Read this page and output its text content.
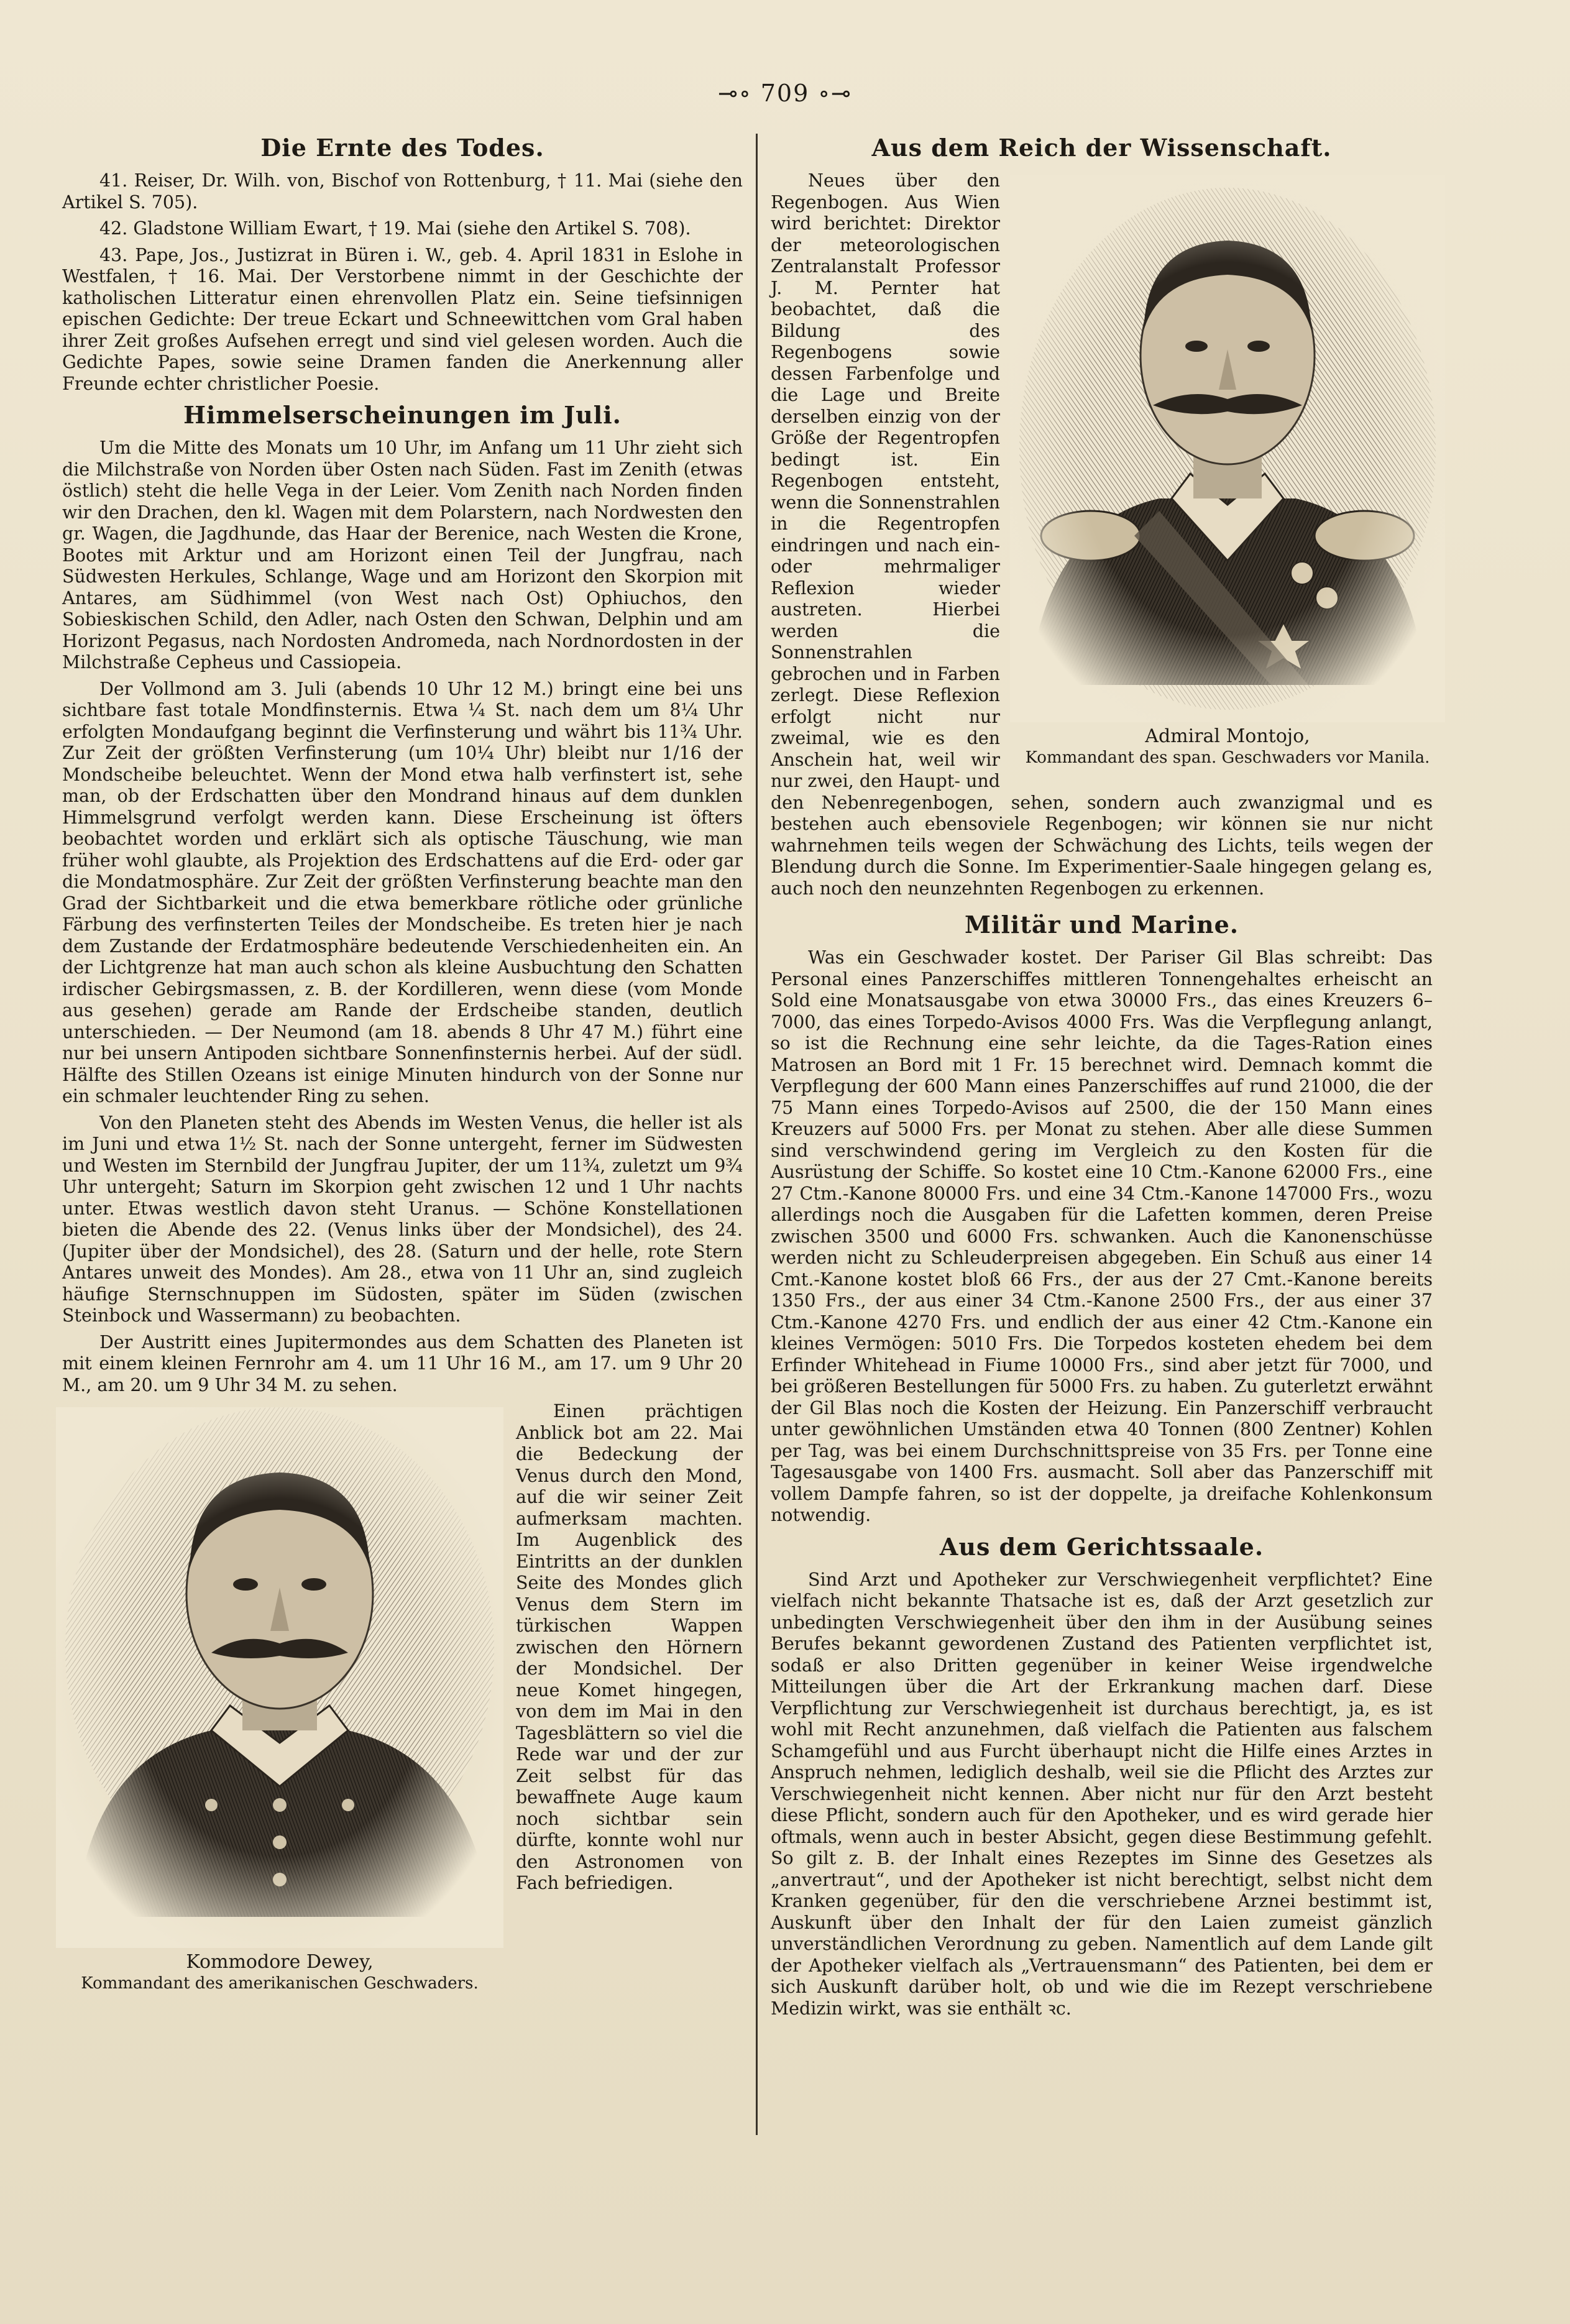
⊸∘ 709 ∘⊸
Die Ernte des Todes.

41. Reiser, Dr. Wilh. von, Bischof von Rottenburg, † 11. Mai (siehe den Artikel S. 705).

42. Gladstone William Ewart, † 19. Mai (siehe den Artikel S. 708).

43. Pape, Jos., Justizrat in Büren i. W., geb. 4. April 1831 in Eslohe in Westfalen, † 16. Mai. Der Verstorbene nimmt in der Geschichte der katholischen Litteratur einen ehrenvollen Platz ein. Seine tiefsinnigen epischen Gedichte: Der treue Eckart und Schneewittchen vom Gral haben ihrer Zeit großes Aufsehen erregt und sind viel gelesen worden. Auch die Gedichte Papes, sowie seine Dramen fanden die Anerkennung aller Freunde echter christlicher Poesie.

Himmelserscheinungen im Juli.

Um die Mitte des Monats um 10 Uhr, im Anfang um 11 Uhr zieht sich die Milchstraße von Norden über Osten nach Süden. Fast im Zenith (etwas östlich) steht die helle Vega in der Leier. Vom Zenith nach Norden finden wir den Drachen, den kl. Wagen mit dem Polarstern, nach Nordwesten den gr. Wagen, die Jagdhunde, das Haar der Berenice, nach Westen die Krone, Bootes mit Arktur und am Horizont einen Teil der Jungfrau, nach Südwesten Herkules, Schlange, Wage und am Horizont den Skorpion mit Antares, am Südhimmel (von West nach Ost) Ophiuchos, den Sobieskischen Schild, den Adler, nach Osten den Schwan, Delphin und am Horizont Pegasus, nach Nordosten Andromeda, nach Nordnordosten in der Milchstraße Cepheus und Cassiopeia.

Der Vollmond am 3. Juli (abends 10 Uhr 12 M.) bringt eine bei uns sichtbare fast totale Mondfinsternis. Etwa ¼ St. nach dem um 8¼ Uhr erfolgten Mondaufgang beginnt die Verfinsterung und währt bis 11¾ Uhr. Zur Zeit der größten Verfinsterung (um 10¼ Uhr) bleibt nur 1/16 der Mondscheibe beleuchtet. Wenn der Mond etwa halb verfinstert ist, sehe man, ob der Erdschatten über den Mondrand hinaus auf dem dunklen Himmelsgrund verfolgt werden kann. Diese Erscheinung ist öfters beobachtet worden und erklärt sich als optische Täuschung, wie man früher wohl glaubte, als Projektion des Erdschattens auf die Erd- oder gar die Mondatmosphäre. Zur Zeit der größten Verfinsterung beachte man den Grad der Sichtbarkeit und die etwa bemerkbare rötliche oder grünliche Färbung des verfinsterten Teiles der Mondscheibe. Es treten hier je nach dem Zustande der Erdatmosphäre bedeutende Verschiedenheiten ein. An der Lichtgrenze hat man auch schon als kleine Ausbuchtung den Schatten irdischer Gebirgsmassen, z. B. der Kordilleren, wenn diese (vom Monde aus gesehen) gerade am Rande der Erdscheibe standen, deutlich unterschieden. — Der Neumond (am 18. abends 8 Uhr 47 M.) führt eine nur bei unsern Antipoden sichtbare Sonnenfinsternis herbei. Auf der südl. Hälfte des Stillen Ozeans ist einige Minuten hindurch von der Sonne nur ein schmaler leuchtender Ring zu sehen.

Von den Planeten steht des Abends im Westen Venus, die heller ist als im Juni und etwa 1½ St. nach der Sonne untergeht, ferner im Südwesten und Westen im Sternbild der Jungfrau Jupiter, der um 11¾, zuletzt um 9¾ Uhr untergeht; Saturn im Skorpion geht zwischen 12 und 1 Uhr nachts unter. Etwas westlich davon steht Uranus. — Schöne Konstellationen bieten die Abende des 22. (Venus links über der Mondsichel), des 24. (Jupiter über der Mondsichel), des 28. (Saturn und der helle, rote Stern Antares unweit des Mondes). Am 28., etwa von 11 Uhr an, sind zugleich häufige Sternschnuppen im Südosten, später im Süden (zwischen Steinbock und Wassermann) zu beobachten.

Der Austritt eines Jupitermondes aus dem Schatten des Planeten ist mit einem kleinen Fernrohr am 4. um 11 Uhr 16 M., am 17. um 9 Uhr 20 M., am 20. um 9 Uhr 34 M. zu sehen.

Kommodore Dewey,
Kommandant des amerikanischen Geschwaders.

Einen prächtigen Anblick bot am 22. Mai die Bedeckung der Venus durch den Mond, auf die wir seiner Zeit aufmerksam machten. Im Augenblick des Eintritts an der dunklen Seite des Mondes glich Venus dem Stern im türkischen Wappen zwischen den Hörnern der Mondsichel. Der neue Komet hingegen, von dem im Mai in den Tagesblättern so viel die Rede war und der zur Zeit selbst für das bewaffnete Auge kaum noch sichtbar sein dürfte, konnte wohl nur den Astronomen von Fach befriedigen.

Aus dem Reich der Wissenschaft.
Admiral Montojo,
Kommandant des span. Geschwaders vor Manila.

Neues über den Regenbogen. Aus Wien wird berichtet: Direktor der meteorologischen Zentralanstalt Professor J. M. Pernter hat beobachtet, daß die Bildung des Regenbogens sowie dessen Farbenfolge und die Lage und Breite derselben einzig von der Größe der Regentropfen bedingt ist. Ein Regenbogen entsteht, wenn die Sonnenstrahlen in die Regentropfen eindringen und nach ein- oder mehrmaliger Reflexion wieder austreten. Hierbei werden die Sonnenstrahlen gebrochen und in Farben zerlegt. Diese Reflexion erfolgt nicht nur zweimal, wie es den Anschein hat, weil wir nur zwei, den Haupt- und den Nebenregenbogen, sehen, sondern auch zwanzigmal und es bestehen auch ebensoviele Regenbogen; wir können sie nur nicht wahrnehmen teils wegen der Schwächung des Lichts, teils wegen der Blendung durch die Sonne. Im Experimentier-Saale hingegen gelang es, auch noch den neunzehnten Regenbogen zu erkennen.

Militär und Marine.

Was ein Geschwader kostet. Der Pariser Gil Blas schreibt: Das Personal eines Panzerschiffes mittleren Tonnengehaltes erheischt an Sold eine Monatsausgabe von etwa 30000 Frs., das eines Kreuzers 6–7000, das eines Torpedo-Avisos 4000 Frs. Was die Verpflegung anlangt, so ist die Rechnung eine sehr leichte, da die Tages-Ration eines Matrosen an Bord mit 1 Fr. 15 berechnet wird. Demnach kommt die Verpflegung der 600 Mann eines Panzerschiffes auf rund 21000, die der 75 Mann eines Torpedo-Avisos auf 2500, die der 150 Mann eines Kreuzers auf 5000 Frs. per Monat zu stehen. Aber alle diese Summen sind verschwindend gering im Vergleich zu den Kosten für die Ausrüstung der Schiffe. So kostet eine 10 Ctm.-Kanone 62000 Frs., eine 27 Ctm.-Kanone 80000 Frs. und eine 34 Ctm.-Kanone 147000 Frs., wozu allerdings noch die Ausgaben für die Lafetten kommen, deren Preise zwischen 3500 und 6000 Frs. schwanken. Auch die Kanonenschüsse werden nicht zu Schleuderpreisen abgegeben. Ein Schuß aus einer 14 Cmt.-Kanone kostet bloß 66 Frs., der aus der 27 Cmt.-Kanone bereits 1350 Frs., der aus einer 34 Ctm.-Kanone 2500 Frs., der aus einer 37 Ctm.-Kanone 4270 Frs. und endlich der aus einer 42 Ctm.-Kanone ein kleines Vermögen: 5010 Frs. Die Torpedos kosteten ehedem bei dem Erfinder Whitehead in Fiume 10000 Frs., sind aber jetzt für 7000, und bei größeren Bestellungen für 5000 Frs. zu haben. Zu guterletzt erwähnt der Gil Blas noch die Kosten der Heizung. Ein Panzerschiff verbraucht unter gewöhnlichen Umständen etwa 40 Tonnen (800 Zentner) Kohlen per Tag, was bei einem Durchschnittspreise von 35 Frs. per Tonne eine Tagesausgabe von 1400 Frs. ausmacht. Soll aber das Panzerschiff mit vollem Dampfe fahren, so ist der doppelte, ja dreifache Kohlenkonsum notwendig.

Aus dem Gerichtssaale.

Sind Arzt und Apotheker zur Verschwiegenheit verpflichtet? Eine vielfach nicht bekannte Thatsache ist es, daß der Arzt gesetzlich zur unbedingten Verschwiegenheit über den ihm in der Ausübung seines Berufes bekannt gewordenen Zustand des Patienten verpflichtet ist, sodaß er also Dritten gegenüber in keiner Weise irgendwelche Mitteilungen über die Art der Erkrankung machen darf. Diese Verpflichtung zur Verschwiegenheit ist durchaus berechtigt, ja, es ist wohl mit Recht anzunehmen, daß vielfach die Patienten aus falschem Schamgefühl und aus Furcht überhaupt nicht die Hilfe eines Arztes in Anspruch nehmen, lediglich deshalb, weil sie die Pflicht des Arztes zur Verschwiegenheit nicht kennen. Aber nicht nur für den Arzt besteht diese Pflicht, sondern auch für den Apotheker, und es wird gerade hier oftmals, wenn auch in bester Absicht, gegen diese Bestimmung gefehlt. So gilt z. B. der Inhalt eines Rezeptes im Sinne des Gesetzes als „anvertraut“, und der Apotheker ist nicht berechtigt, selbst nicht dem Kranken gegenüber, für den die verschriebene Arznei bestimmt ist, Auskunft über den Inhalt der für den Laien zumeist gänzlich unverständlichen Verordnung zu geben. Namentlich auf dem Lande gilt der Apotheker vielfach als „Vertrauensmann“ des Patienten, bei dem er sich Auskunft darüber holt, ob und wie die im Rezept verschriebene Medizin wirkt, was sie enthält ꝛc.
